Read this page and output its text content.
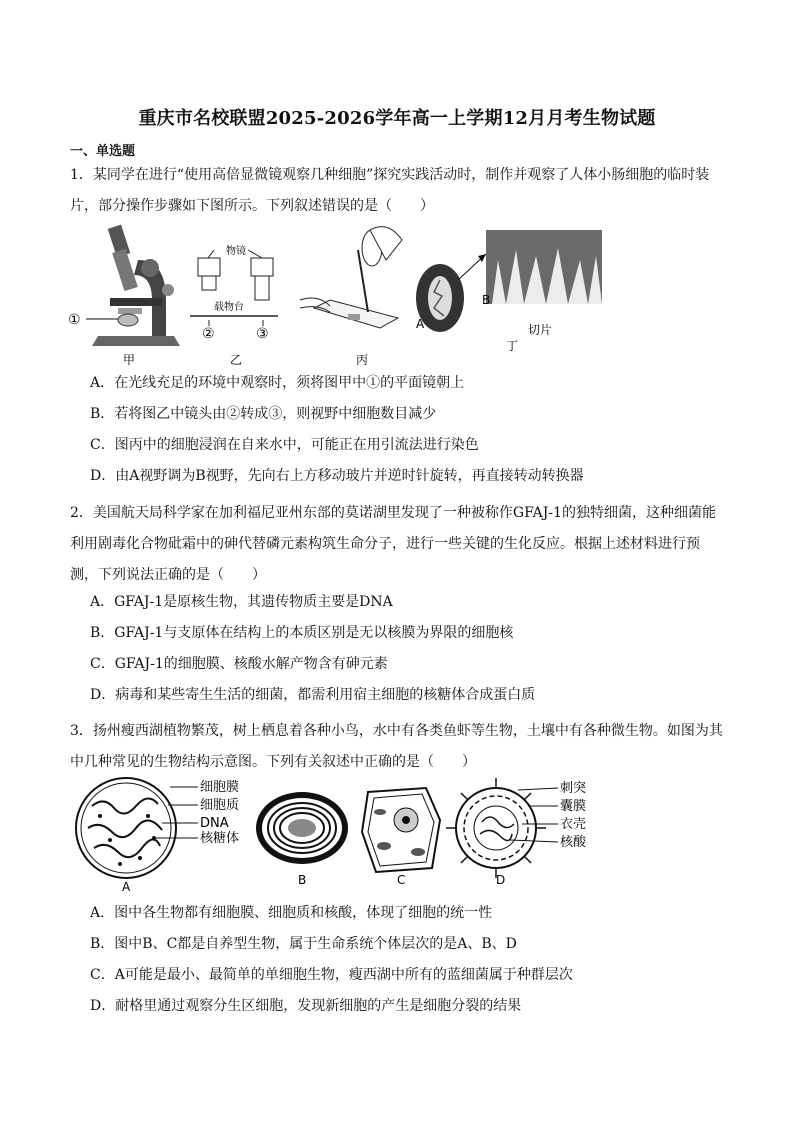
重庆市名校联盟2025-2026学年高一上学期12月月考生物试题
一、单选题
1．某同学在进行“使用高倍显微镜观察几种细胞”探究实践活动时，制作并观察了人体小肠细胞的临时装片，部分操作步骤如下图所示。下列叙述错误的是（　　）
①
甲
物镜
载物台
②	③
乙	丙
A
B
切片
丁
A．在光线充足的环境中观察时，须将图甲中①的平面镜朝上
B．若将图乙中镜头由②转成③，则视野中细胞数目减少
C．图丙中的细胞浸润在自来水中，可能正在用引流法进行染色
D．由A视野调为B视野，先向右上方移动玻片并逆时针旋转，再直接转动转换器
2．美国航天局科学家在加利福尼亚州东部的莫诺湖里发现了一种被称作GFAJ-1的独特细菌，这种细菌能利用剧毒化合物砒霜中的砷代替磷元素构筑生命分子，进行一些关键的生化反应。根据上述材料进行预测，下列说法正确的是（　　）
A．GFAJ-1是原核生物，其遗传物质主要是DNA
B．GFAJ-1与支原体在结构上的本质区别是无以核膜为界限的细胞核
C．GFAJ-1的细胞膜、核酸水解产物含有砷元素
D．病毒和某些寄生生活的细菌，都需利用宿主细胞的核糖体合成蛋白质
3．扬州瘦西湖植物繁茂，树上栖息着各种小鸟，水中有各类鱼虾等生物，土壤中有各种微生物。如图为其中几种常见的生物结构示意图。下列有关叙述中正确的是（　　）
细胞膜
细胞质
DNA
核糖体
A	B	C
刺突
囊膜
衣壳
核酸
D
A．图中各生物都有细胞膜、细胞质和核酸，体现了细胞的统一性
B．图中B、C都是自养型生物，属于生命系统个体层次的是A、B、D
C．A可能是最小、最简单的单细胞生物，瘦西湖中所有的蓝细菌属于种群层次
D．耐格里通过观察分生区细胞，发现新细胞的产生是细胞分裂的结果
